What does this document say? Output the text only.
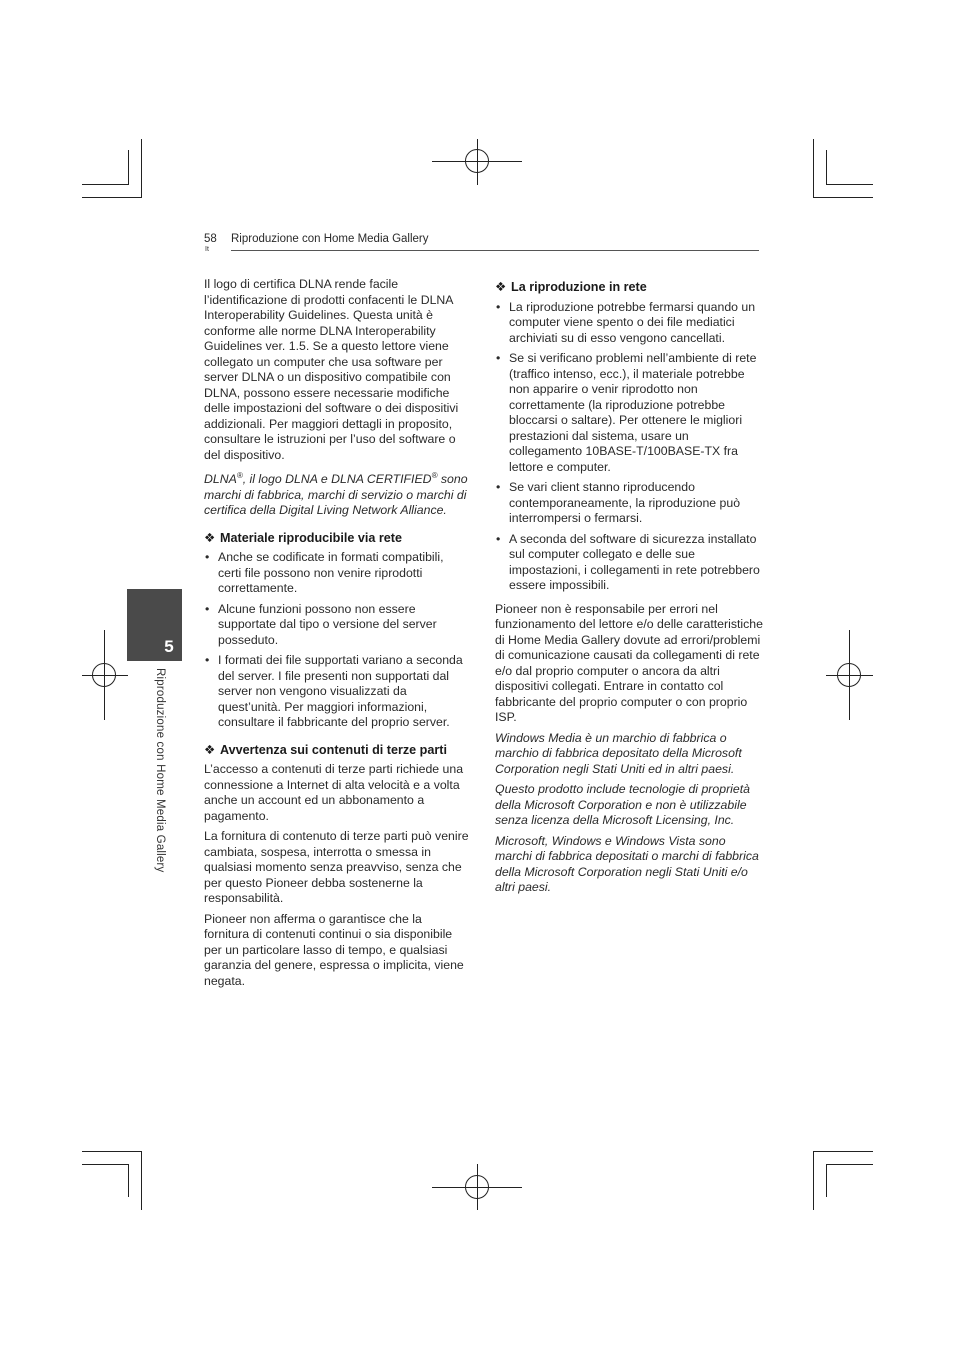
58
It
Riproduzione con Home Media Gallery
5
Riproduzione con Home Media Gallery

Il logo di certifica DLNA rende facile l’identificazione di prodotti confacenti le DLNA Interoperability Guidelines. Questa unità è conforme alle norme DLNA Interoperability Guidelines ver. 1.5. Se a questo lettore viene collegato un computer che usa software per server DLNA o un dispositivo compatibile con DLNA, possono essere necessarie modifiche delle impostazioni del software o dei dispositivi addizionali. Per maggiori dettagli in proposito, consultare le istruzioni per l’uso del software o del dispositivo.

DLNA®, il logo DLNA e DLNA CERTIFIED® sono marchi di fabbrica, marchi di servizio o marchi di certifica della Digital Living Network Alliance.

❖ Materiale riproducibile via rete
• Anche se codificate in formati compatibili, certi file possono non venire riprodotti correttamente.
• Alcune funzioni possono non essere supportate dal tipo o versione del server posseduto.
• I formati dei file supportati variano a seconda del server. I file presenti non supportati dal server non vengono visualizzati da quest’unità. Per maggiori informazioni, consultare il fabbricante del proprio server.
❖ Avvertenza sui contenuti di terze parti

L’accesso a contenuti di terze parti richiede una connessione a Internet di alta velocità e a volta anche un account ed un abbonamento a pagamento.

La fornitura di contenuto di terze parti può venire cambiata, sospesa, interrotta o smessa in qualsiasi momento senza preavviso, senza che per questo Pioneer debba sostenerne la responsabilità.

Pioneer non afferma o garantisce che la fornitura di contenuti continui o sia disponibile per un particolare lasso di tempo, e qualsiasi garanzia del genere, espressa o implicita, viene negata.

❖ La riproduzione in rete
• La riproduzione potrebbe fermarsi quando un computer viene spento o dei file mediatici archiviati su di esso vengono cancellati.
• Se si verificano problemi nell’ambiente di rete (traffico intenso, ecc.), il materiale potrebbe non apparire o venir riprodotto non correttamente (la riproduzione potrebbe bloccarsi o saltare). Per ottenere le migliori prestazioni dal sistema, usare un collegamento 10BASE-T/100BASE-TX fra lettore e computer.
• Se vari client stanno riproducendo contemporaneamente, la riproduzione può interrompersi o fermarsi.
• A seconda del software di sicurezza installato sul computer collegato e delle sue impostazioni, i collegamenti in rete potrebbero essere impossibili.

Pioneer non è responsabile per errori nel funzionamento del lettore e/o delle caratteristiche di Home Media Gallery dovute ad errori/problemi di comunicazione causati da collegamenti di rete e/o dal proprio computer o ancora da altri dispositivi collegati. Entrare in contatto col fabbricante del proprio computer o con proprio ISP.

Windows Media è un marchio di fabbrica o marchio di fabbrica depositato della Microsoft Corporation negli Stati Uniti ed in altri paesi.

Questo prodotto include tecnologie di proprietà della Microsoft Corporation e non è utilizzabile senza licenza della Microsoft Licensing, Inc.

Microsoft, Windows e Windows Vista sono marchi di fabbrica depositati o marchi di fabbrica della Microsoft Corporation negli Stati Uniti e/o altri paesi.
